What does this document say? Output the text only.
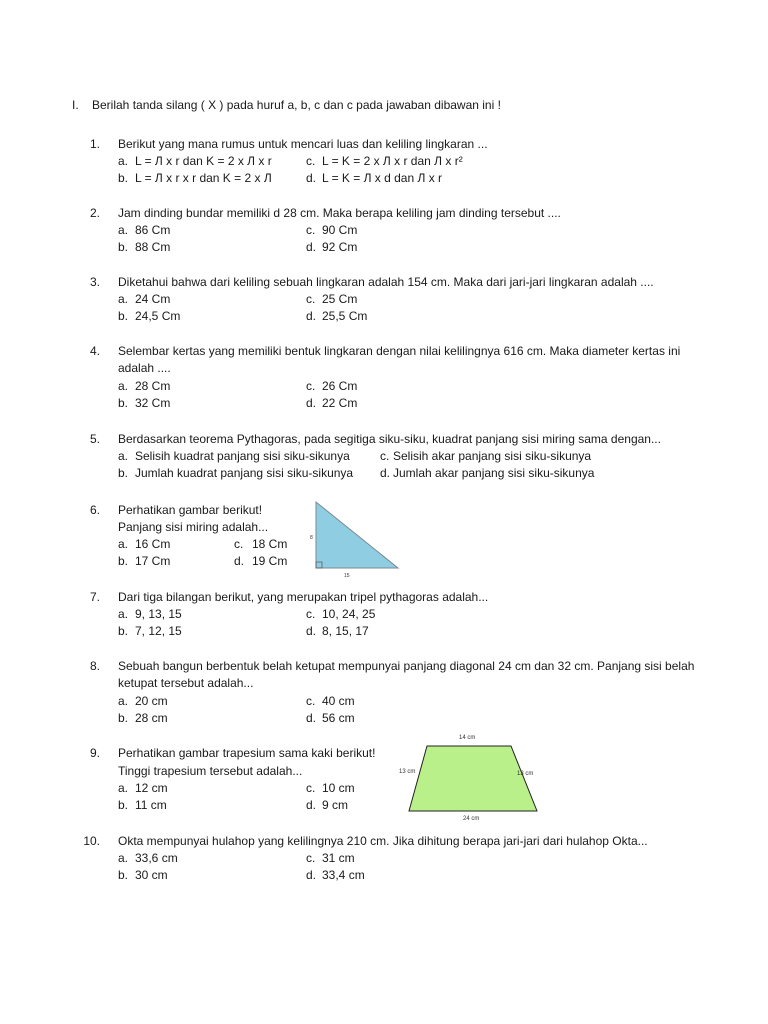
I. Berilah tanda silang ( X ) pada huruf a, b, c dan c pada jawaban dibawan ini !
1. Berikut yang mana rumus untuk mencari luas dan keliling lingkaran ...
a. L = Л x r dan K = 2 x Л x r	c. L = K = 2 x Л x r dan Л x r²
b. L = Л x r x r dan K = 2 x Л	d. L = K = Л x d dan Л x r
2. Jam dinding bundar memiliki d 28 cm. Maka berapa keliling jam dinding tersebut ....
a. 86 Cm	c. 90 Cm
b. 88 Cm	d. 92 Cm
3. Diketahui bahwa dari keliling sebuah lingkaran adalah 154 cm. Maka dari jari-jari lingkaran adalah ....
a. 24 Cm	c. 25 Cm
b. 24,5 Cm	d. 25,5 Cm
4. Selembar kertas yang memiliki bentuk lingkaran dengan nilai kelilingnya 616 cm. Maka diameter kertas ini
adalah ....
a. 28 Cm	c. 26 Cm
b. 32 Cm	d. 22 Cm
5. Berdasarkan teorema Pythagoras, pada segitiga siku-siku, kuadrat panjang sisi miring sama dengan...
a. Selisih kuadrat panjang sisi siku-sikunya	c. Selisih akar panjang sisi siku-sikunya
b. Jumlah kuadrat panjang sisi siku-sikunya d. Jumlah akar panjang sisi siku-sikunya
6. Perhatikan gambar berikut!
Panjang sisi miring adalah...
a. 16 Cm	c. 18 Cm
b. 17 Cm	d. 19 Cm
8
15
7. Dari tiga bilangan berikut, yang merupakan tripel pythagoras adalah...
a. 9, 13, 15	c. 10, 24, 25
b. 7, 12, 15	d. 8, 15, 17
8. Sebuah bangun berbentuk belah ketupat mempunyai panjang diagonal 24 cm dan 32 cm. Panjang sisi belah
ketupat tersebut adalah...
a. 20 cm	c. 40 cm
b. 28 cm	d. 56 cm
9. Perhatikan gambar trapesium sama kaki berikut!
Tinggi trapesium tersebut adalah...
a. 12 cm	c. 10 cm
b. 11 cm	d. 9 cm
14 cm
13 cm	13 cm
24 cm
10. Okta mempunyai hulahop yang kelilingnya 210 cm. Jika dihitung berapa jari-jari dari hulahop Okta...
a. 33,6 cm	c. 31 cm
b. 30 cm	d. 33,4 cm
